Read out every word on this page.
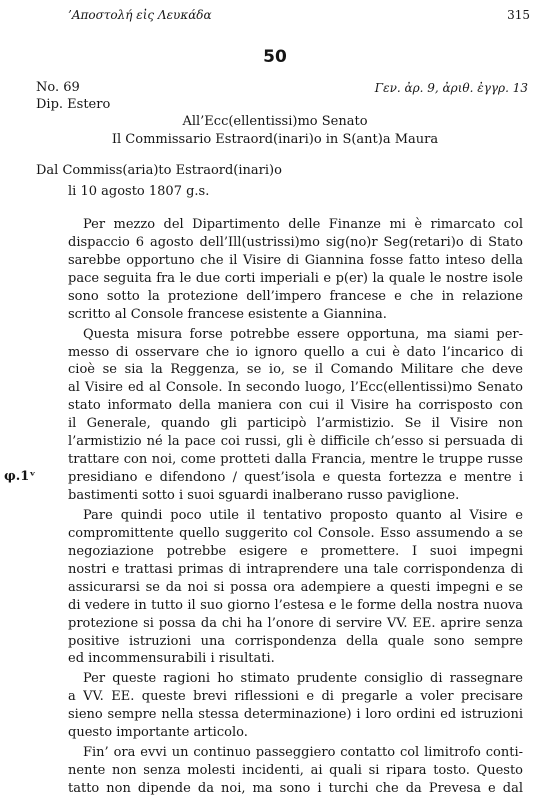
’Αποστολή εἰς Λευκάδα	315
50
No. 69	Γεν. ἀρ. 9, ἀριθ. ἐγγρ. 13
Dip. Estero
All’Ecc(ellentissi)mo Senato
Il Commissario Estraord(inari)o in S(ant)a Maura
Dal Commiss(aria)to Estraord(inari)o
li 10 agosto 1807 g.s.
φ.1ᵛ
Per mezzo del Dipartimento delle Finanze mi è rimarcato col
dispaccio 6 agosto dell’Ill(ustrissi)mo sig(no)r Seg(retari)o di Stato
sarebbe opportuno che il Visire di Giannina fosse fatto inteso della
pace seguita fra le due corti imperiali e p(er) la quale le nostre isole
sono sotto la protezione dell’impero francese e che in relazione
scritto al Console francese esistente a Giannina.
Questa misura forse potrebbe essere opportuna, ma siami per-
messo di osservare che io ignoro quello a cui è dato l’incarico di
cioè se sia la Reggenza, se io, se il Comando Militare che deve
al Visire ed al Console. In secondo luogo, l’Ecc(ellentissi)mo Senato
stato informato della maniera con cui il Visire ha corrisposto con
il Generale, quando gli participò l’armistizio. Se il Visire non
l’armistizio né la pace coi russi, gli è difficile ch’esso si persuada di
trattare con noi, come protteti dalla Francia, mentre le truppe russe
presidiano e difendono / quest’isola e questa fortezza e mentre i
bastimenti sotto i suoi sguardi inalberano russo paviglione.
Pare quindi poco utile il tentativo proposto quanto al Visire e
compromittente quello suggerito col Console. Esso assumendo a se
negoziazione potrebbe esigere e promettere. I suoi impegni
nostri e trattasi primas di intraprendere una tale corrispondenza di
assicurarsi se da noi si possa ora adempiere a questi impegni e se
di vedere in tutto il suo giorno l’estesa e le forme della nostra nuova
protezione si possa da chi ha l’onore di servire VV. EE. aprire senza
positive istruzioni una corrispondenza della quale sono sempre
ed incommensurabili i risultati.
Per queste ragioni ho stimato prudente consiglio di rassegnare
a VV. EE. queste brevi riflessioni e di pregarle a voler precisare
sieno sempre nella stessa determinazione) i loro ordini ed istruzioni
questo importante articolo.
Fin’ ora evvi un continuo passeggiero contatto col limitrofo conti-
nente non senza molesti incidenti, ai quali si ripara tosto. Questo
tatto non dipende da noi, ma sono i turchi che da Prevesa e dal
